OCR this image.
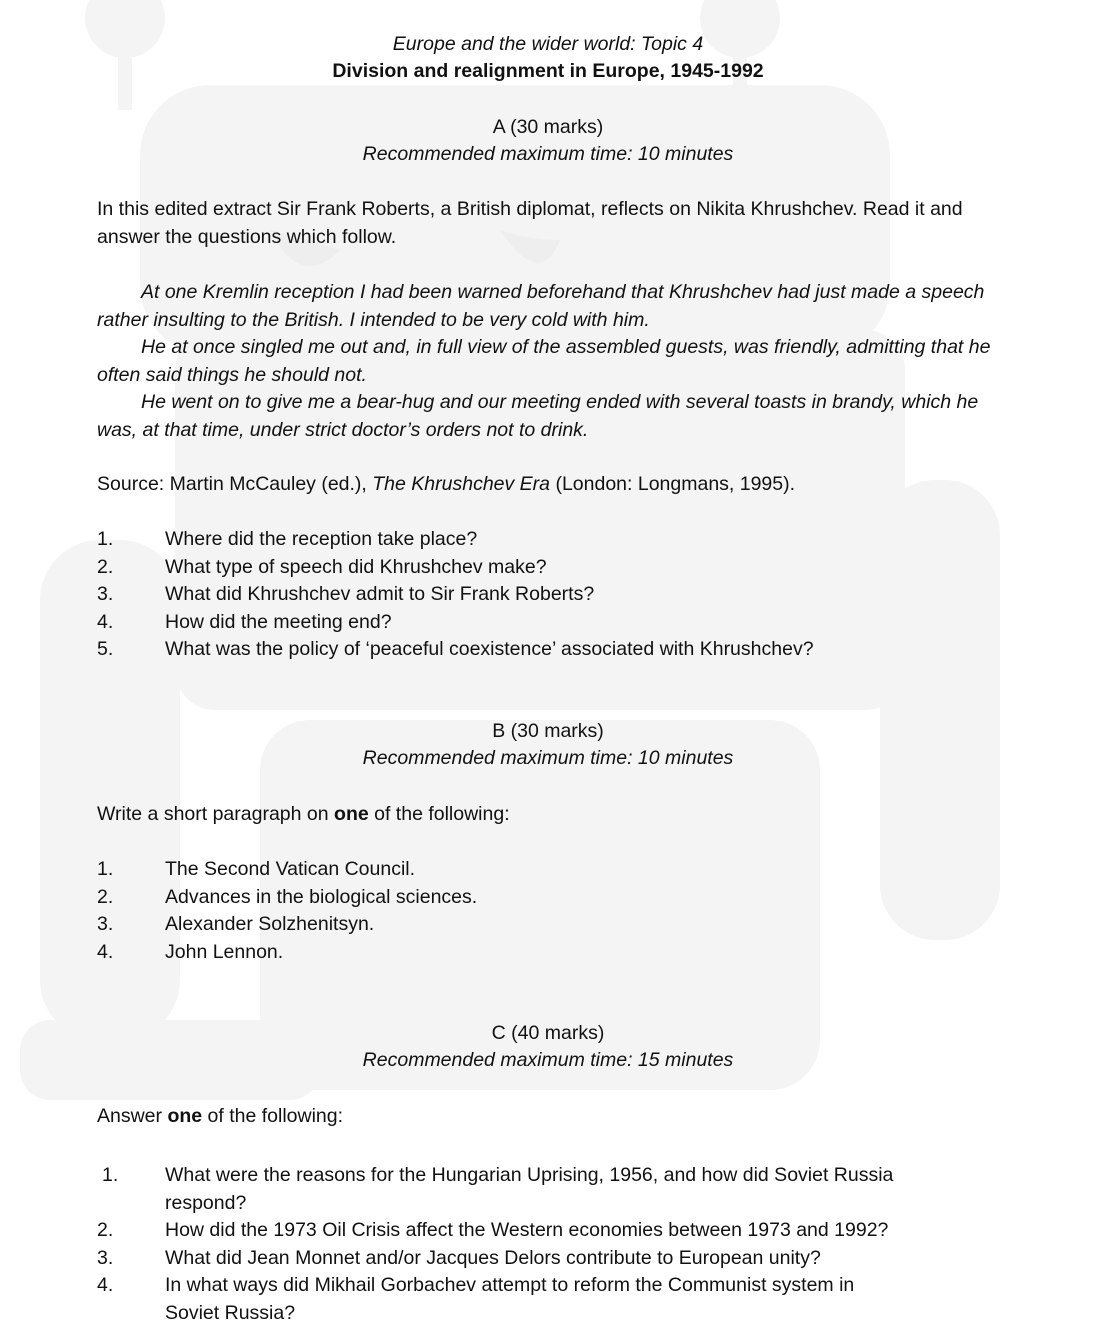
Europe and the wider world: Topic 4
Division and realignment in Europe, 1945-1992
A (30 marks)
Recommended maximum time: 10 minutes
In this edited extract Sir Frank Roberts, a British diplomat, reflects on Nikita Khrushchev. Read it and answer the questions which follow.

At one Kremlin reception I had been warned beforehand that Khrushchev had just made a speech rather insulting to the British. I intended to be very cold with him.

He at once singled me out and, in full view of the assembled guests, was friendly, admitting that he often said things he should not.

He went on to give me a bear-hug and our meeting ended with several toasts in brandy, which he was, at that time, under strict doctor’s orders not to drink.

Source: Martin McCauley (ed.), The Khrushchev Era (London: Longmans, 1995).
1.	Where did the reception take place?
2.	What type of speech did Khrushchev make?
3.	What did Khrushchev admit to Sir Frank Roberts?
4.	How did the meeting end?
5.	What was the policy of ‘peaceful coexistence’ associated with Khrushchev?
B (30 marks)
Recommended maximum time: 10 minutes
Write a short paragraph on one of the following:
1.	The Second Vatican Council.
2.	Advances in the biological sciences.
3.	Alexander Solzhenitsyn.
4.	John Lennon.
C (40 marks)
Recommended maximum time: 15 minutes
Answer one of the following:
1.	What were the reasons for the Hungarian Uprising, 1956, and how did Soviet Russia respond?
2.	How did the 1973 Oil Crisis affect the Western economies between 1973 and 1992?
3.	What did Jean Monnet and/or Jacques Delors contribute to European unity?
4.	In what ways did Mikhail Gorbachev attempt to reform the Communist system in Soviet Russia?
